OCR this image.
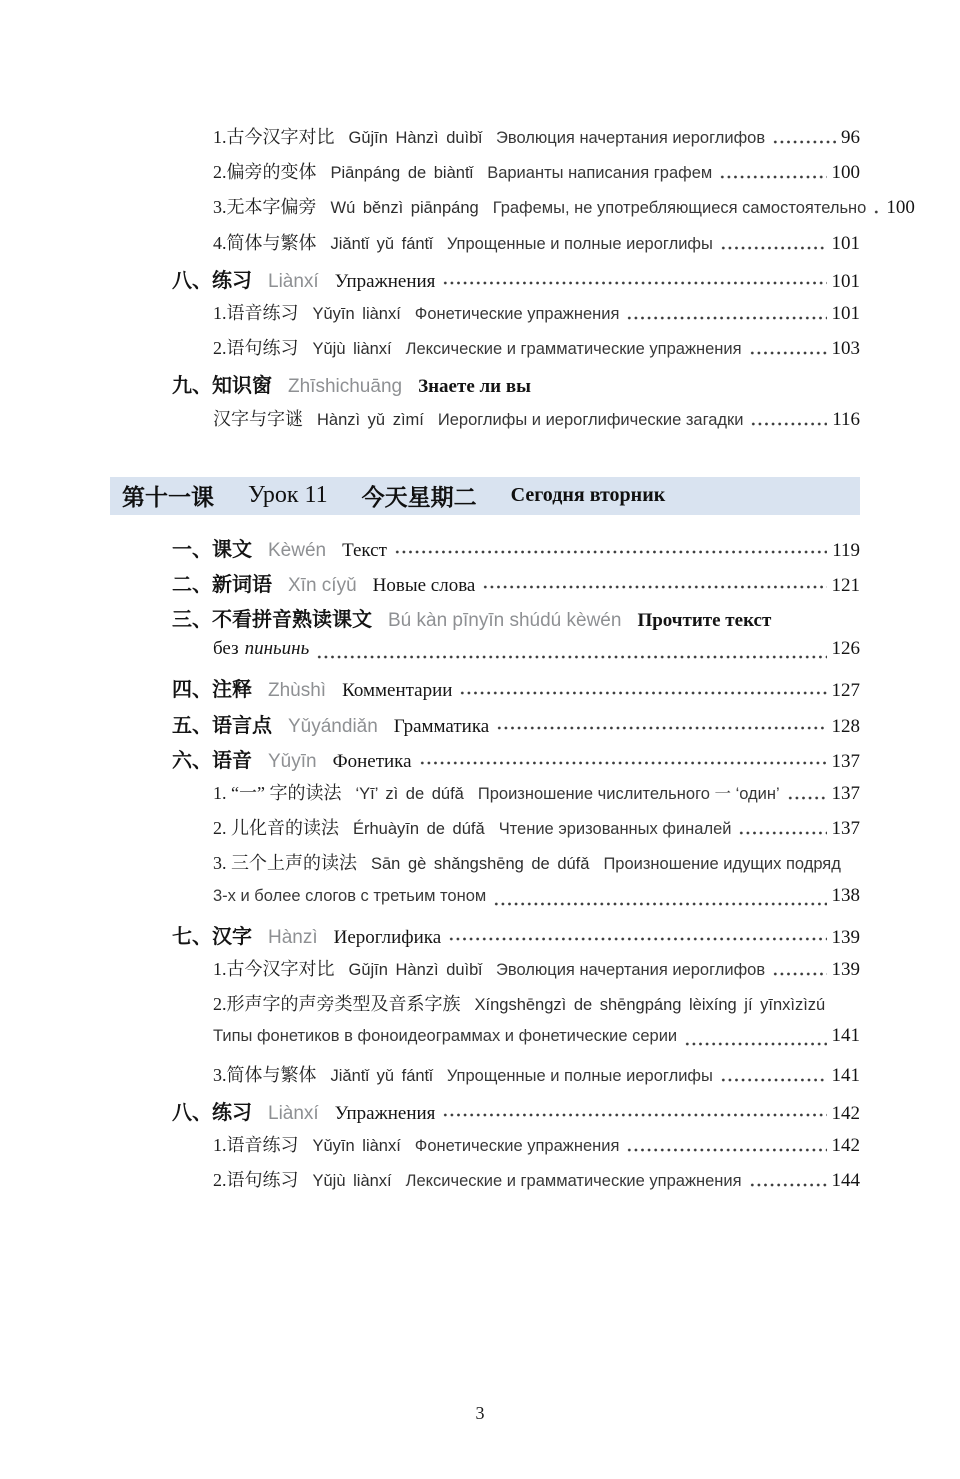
1.古今汉字对比 Gǔjīn Hànzì duìbǐ Эволюция начертания иероглифов	96
2.偏旁的变体 Piānpáng de biàntǐ Варианты написания графем	100
3.无本字偏旁 Wú běnzì piānpáng Графемы, не употребляющиеся самостоятельно 100
4.简体与繁体 Jiǎntǐ yǔ fántǐ Упрощенные и полные иероглифы	101
八、练习 Liànxí Упражнения	101
1.语音练习 Yǔyīn liànxí Фонетические упражнения	101
2.语句练习 Yǔjù liànxí Лексические и грамматические упражнения	103
九、知识窗 Zhīshichuāng Знаете ли вы
汉字与字谜 Hànzì yǔ zìmí Иероглифы и иероглифические загадки	116
第十一课 Урок 11 今天星期二 Сегодня вторник
一、课文 Kèwén Текст	119
二、新词语 Xīn cíyǔ Новые слова	121
三、不看拼音熟读课文 Bú kàn pīnyīn shúdú kèwén Прочтите текст
без пиньинь	126
四、注释 Zhùshì Комментарии	127
五、语言点 Yǔyándiǎn Грамматика	128
六、语音 Yǔyīn Фонетика	137
1. “一” 字的读法 ‘Yī’ zì de dúfǎ Произношение числительного 一 ‘один’	137
2. 儿化音的读法 Érhuàyīn de dúfǎ Чтение эризованных финалей	137
3. 三个上声的读法 Sān gè shǎngshēng de dúfǎ Произношение идущих подряд
3-х и более слогов с третьим тоном	138
七、汉字 Hànzì Иероглифика	139
1.古今汉字对比 Gǔjīn Hànzì duìbǐ Эволюция начертания иероглифов	139
2.形声字的声旁类型及音系字族 Xíngshēngzì de shēngpáng lèixíng jí yīnxìzìzú
Типы фонетиков в фоноидеограммах и фонетические серии	141
3.简体与繁体 Jiǎntǐ yǔ fántǐ Упрощенные и полные иероглифы	141
八、练习 Liànxí Упражнения	142
1.语音练习 Yǔyīn liànxí Фонетические упражнения	142
2.语句练习 Yǔjù liànxí Лексические и грамматические упражнения	144
3
